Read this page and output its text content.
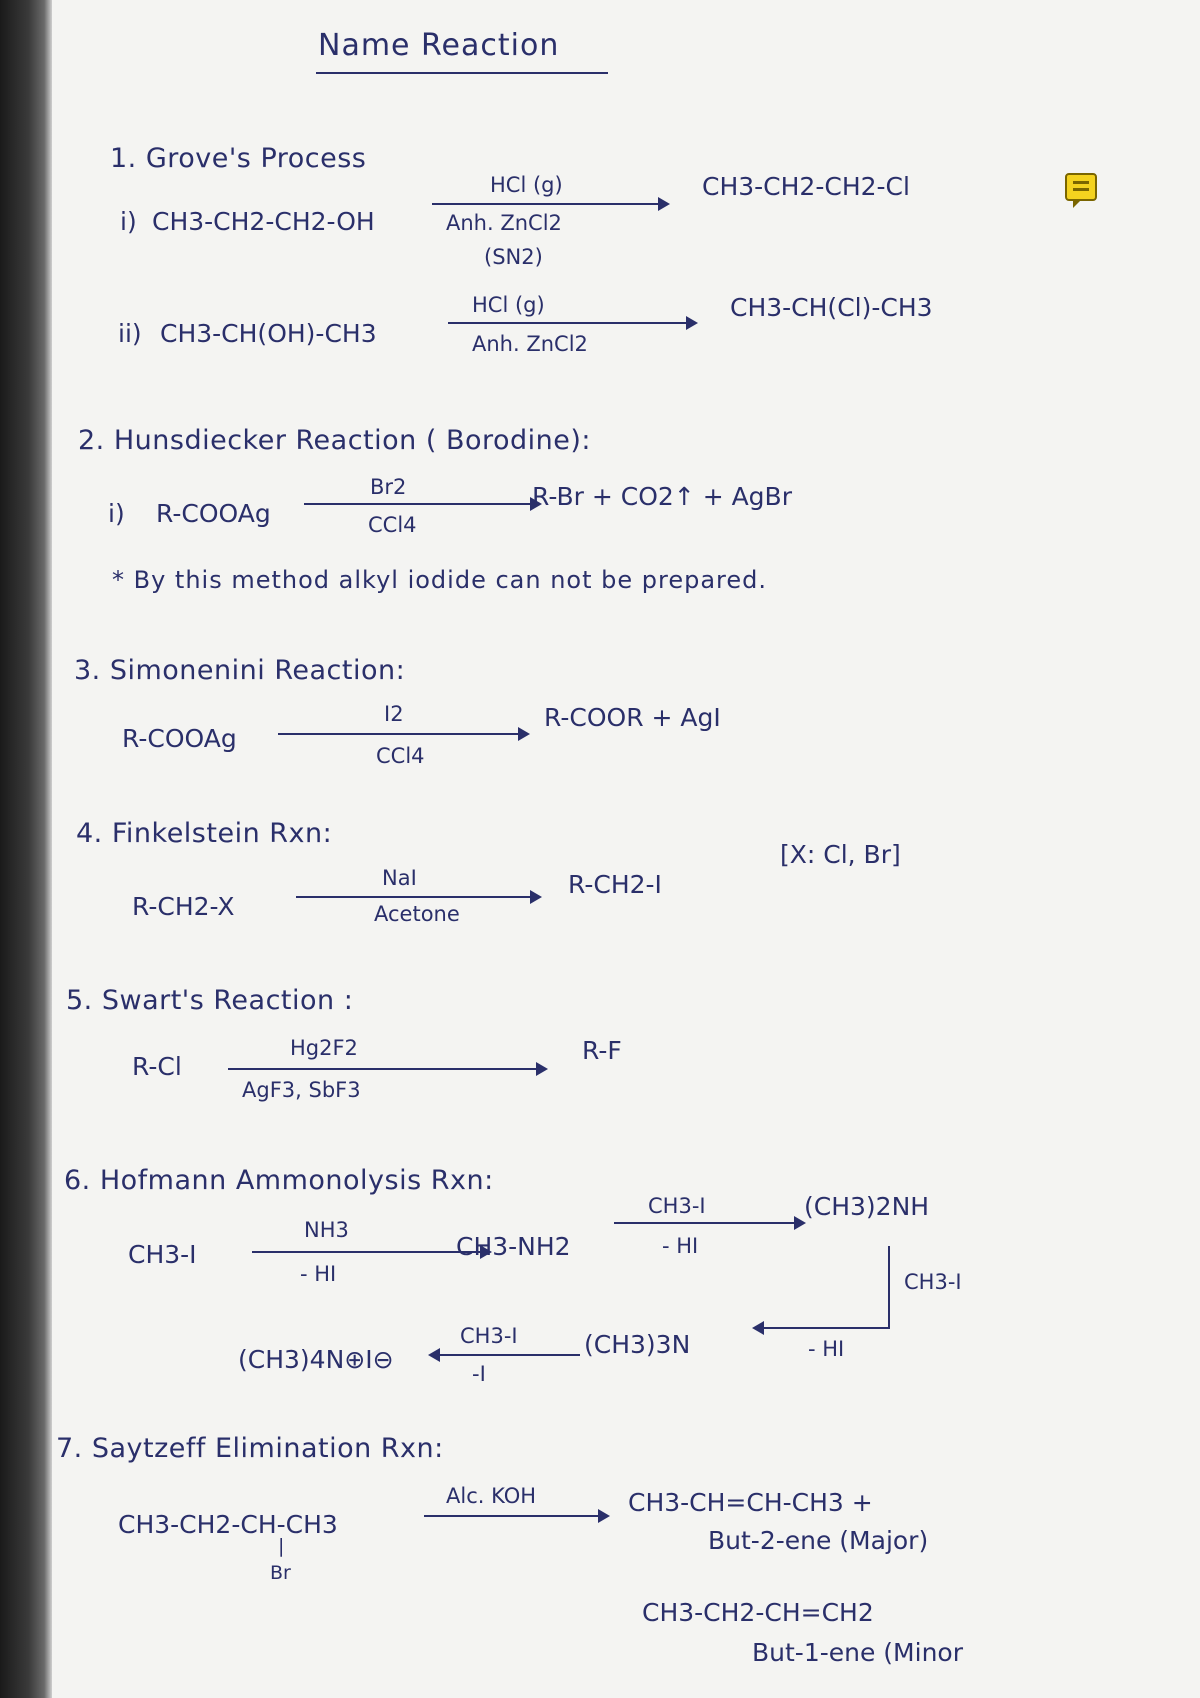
Name Reaction
1. Grove's Process
i) CH3-CH2-CH2-OH
HCl (g)
Anh. ZnCl2
(SN2)
CH3-CH2-CH2-Cl
ii) CH3-CH(OH)-CH3
HCl (g)
Anh. ZnCl2
CH3-CH(Cl)-CH3
2. Hunsdiecker Reaction ( Borodine):
i) R-COOAg
Br2
CCl4
R-Br + CO2↑ + AgBr
* By this method alkyl iodide can not be prepared.
3. Simonenini Reaction:
R-COOAg
I2
CCl4
R-COOR + AgI
4. Finkelstein Rxn:
R-CH2-X
NaI
Acetone
R-CH2-I
[X: Cl, Br]
5. Swart's Reaction :
R-Cl
Hg2F2
AgF3, SbF3
R-F
6. Hofmann Ammonolysis Rxn:
CH3-I
NH3
- HI
CH3-NH2
CH3-I
- HI
(CH3)2NH
CH3-I
- HI
(CH3)3N
CH3-I
-I
(CH3)4N⊕I⊖
7. Saytzeff Elimination Rxn:
CH3-CH2-CH-CH3
|
Br
Alc. KOH	CH3-CH=CH-CH3 +
But-2-ene (Major)
CH3-CH2-CH=CH2
But-1-ene (Minor
